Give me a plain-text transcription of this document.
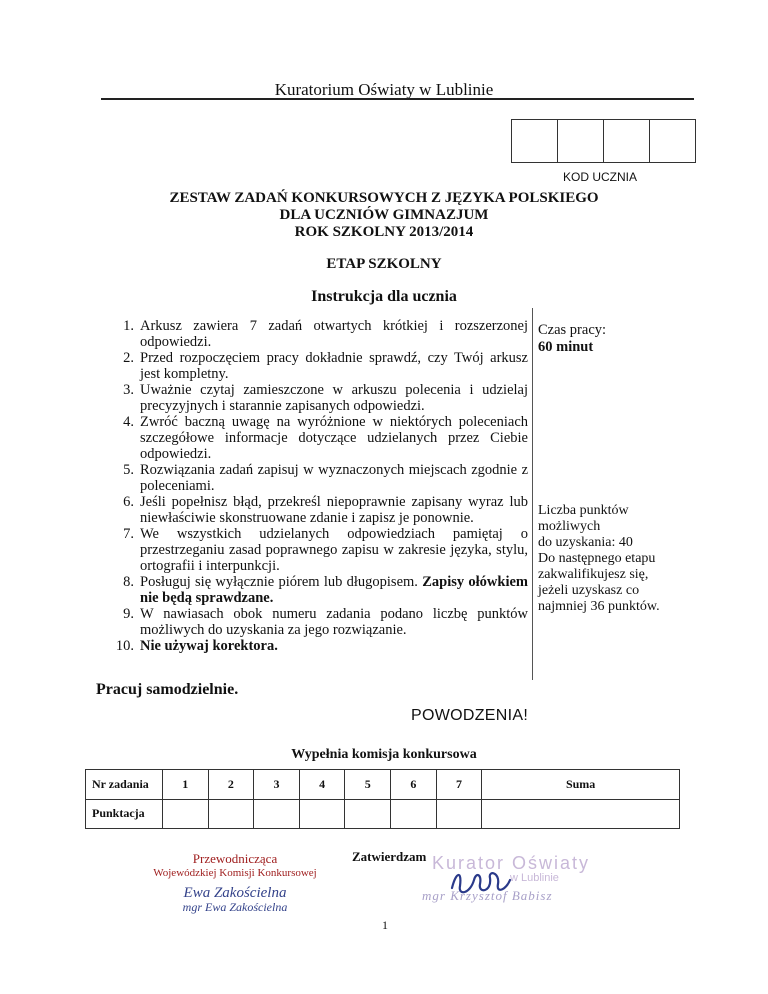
Kuratorium Oświaty w Lublinie
KOD UCZNIA
ZESTAW ZADAŃ KONKURSOWYCH Z JĘZYKA POLSKIEGO
DLA UCZNIÓW GIMNAZJUM
ROK SZKOLNY 2013/2014
ETAP SZKOLNY
Instrukcja dla ucznia
1. Arkusz zawiera 7 zadań otwartych krótkiej i rozszerzonej odpowiedzi.
2. Przed rozpoczęciem pracy dokładnie sprawdź, czy Twój arkusz jest kompletny.
3. Uważnie czytaj zamieszczone w arkuszu polecenia i udzielaj precyzyjnych i starannie zapisanych odpowiedzi.
4. Zwróć baczną uwagę na wyróżnione w niektórych poleceniach szczegółowe informacje dotyczące udzielanych przez Ciebie odpowiedzi.
5. Rozwiązania zadań zapisuj w wyznaczonych miejscach zgodnie z poleceniami.
6. Jeśli popełnisz błąd, przekreśl niepoprawnie zapisany wyraz lub niewłaściwie skonstruowane zdanie i zapisz je ponownie.
7. We wszystkich udzielanych odpowiedziach pamiętaj o przestrzeganiu zasad poprawnego zapisu w zakresie języka, stylu, ortografii i interpunkcji.
8. Posługuj się wyłącznie piórem lub długopisem. Zapisy ołówkiem nie będą sprawdzane.
9. W nawiasach obok numeru zadania podano liczbę punktów możliwych do uzyskania za jego rozwiązanie.
10. Nie używaj korektora.
Czas pracy:
60 minut
Liczba punktów
możliwych
do uzyskania: 40
Do następnego etapu
zakwalifikujesz się,
jeżeli uzyskasz co
najmniej 36 punktów.
Pracuj samodzielnie.
POWODZENIA!
Wypełnia komisja konkursowa
Nr zadania	1	2	3	4	5	6	7	Suma
Punktacja								
Zatwierdzam
Przewodnicząca
Wojewódzkiej Komisji Konkursowej
Ewa Zakościelna
mgr Ewa Zakościelna
Kurator Oświaty
w Lublinie
mgr Krzysztof Babisz
1
